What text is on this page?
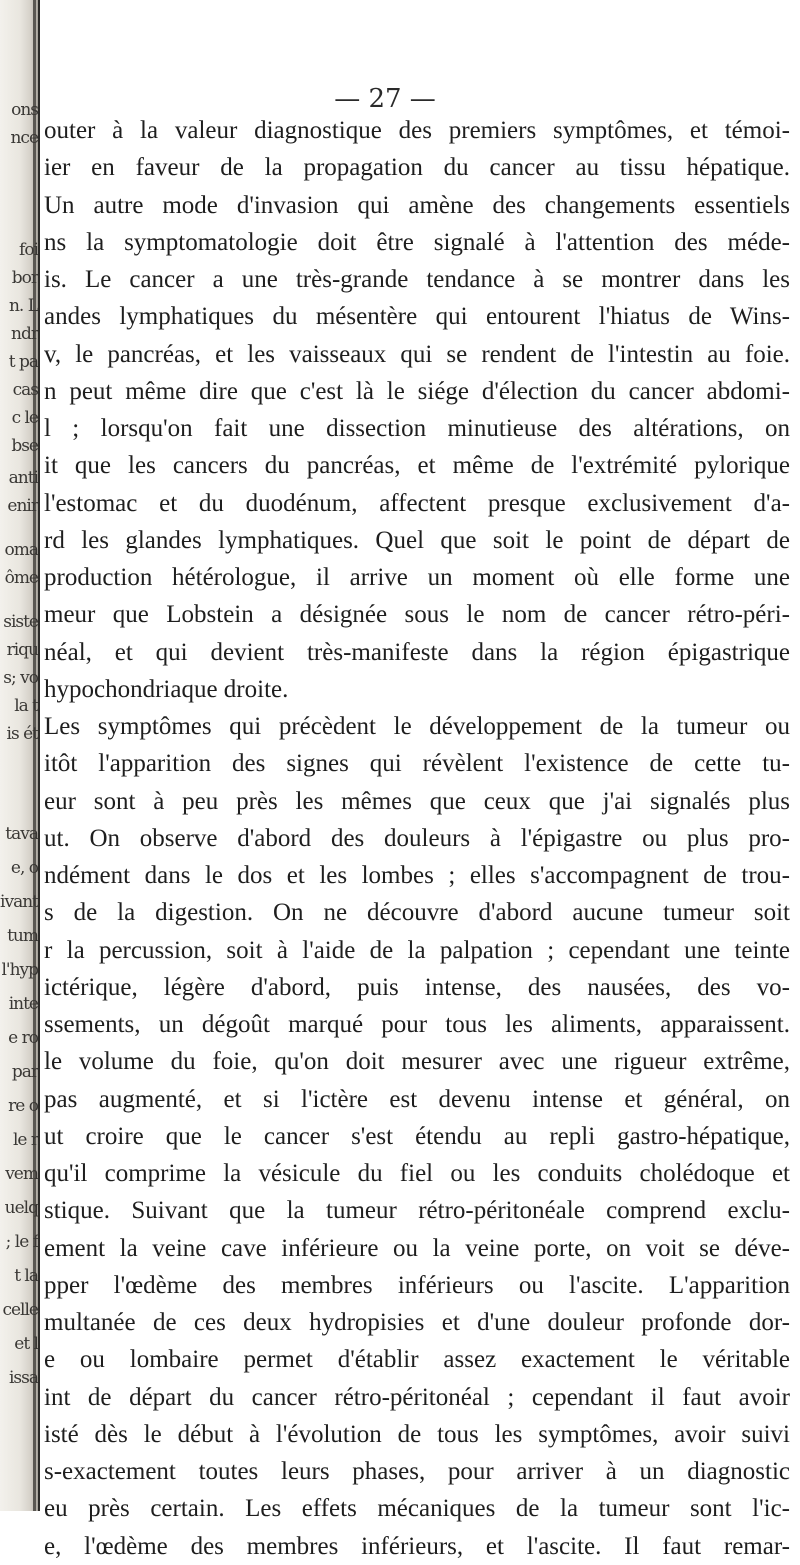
ons
nce
foi
bor
n. L
ndr
t pa
cas
c le
bse
anti
enir
oma
ôme
siste
riqu
s; vo
la t
is ét
tava
e, o
ivant
tum
l'hyp
inte
e ro
par
re o
le r
vem
uelq
; le f
t la
celle
et l
issa
— 27 —
outer à la valeur diagnostique des premiers symptômes, et témoi-
ier en faveur de la propagation du cancer au tissu hépatique.
Un autre mode d'invasion qui amène des changements essentiels
ns la symptomatologie doit être signalé à l'attention des méde-
is. Le cancer a une très-grande tendance à se montrer dans les
andes lymphatiques du mésentère qui entourent l'hiatus de Wins-
v, le pancréas, et les vaisseaux qui se rendent de l'intestin au foie.
n peut même dire que c'est là le siége d'élection du cancer abdomi-
l ; lorsqu'on fait une dissection minutieuse des altérations, on
it que les cancers du pancréas, et même de l'extrémité pylorique
l'estomac et du duodénum, affectent presque exclusivement d'a-
rd les glandes lymphatiques. Quel que soit le point de départ de
production hétérologue, il arrive un moment où elle forme une
meur que Lobstein a désignée sous le nom de cancer rétro-péri-
néal, et qui devient très-manifeste dans la région épigastrique
hypochondriaque droite.
Les symptômes qui précèdent le développement de la tumeur ou
itôt l'apparition des signes qui révèlent l'existence de cette tu-
eur sont à peu près les mêmes que ceux que j'ai signalés plus
ut. On observe d'abord des douleurs à l'épigastre ou plus pro-
ndément dans le dos et les lombes ; elles s'accompagnent de trou-
s de la digestion. On ne découvre d'abord aucune tumeur soit
r la percussion, soit à l'aide de la palpation ; cependant une teinte
ictérique, légère d'abord, puis intense, des nausées, des vo-
ssements, un dégoût marqué pour tous les aliments, apparaissent.
le volume du foie, qu'on doit mesurer avec une rigueur extrême,
pas augmenté, et si l'ictère est devenu intense et général, on
ut croire que le cancer s'est étendu au repli gastro-hépatique,
qu'il comprime la vésicule du fiel ou les conduits cholédoque et
stique. Suivant que la tumeur rétro-péritonéale comprend exclu-
ement la veine cave inférieure ou la veine porte, on voit se déve-
pper l'œdème des membres inférieurs ou l'ascite. L'apparition
multanée de ces deux hydropisies et d'une douleur profonde dor-
e ou lombaire permet d'établir assez exactement le véritable
int de départ du cancer rétro-péritonéal ; cependant il faut avoir
isté dès le début à l'évolution de tous les symptômes, avoir suivi
s-exactement toutes leurs phases, pour arriver à un diagnostic
eu près certain. Les effets mécaniques de la tumeur sont l'ic-
e, l'œdème des membres inférieurs, et l'ascite. Il faut remar-
